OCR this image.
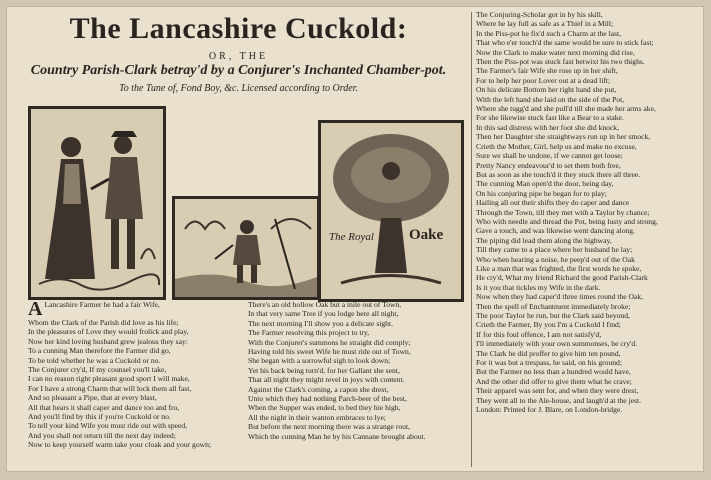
The Lancashire Cuckold:
OR, THE
Country Parish-Clark betray'd by a Conjurer's Inchanted Chamber-pot.
To the Tune of, Fond Boy, &c. Licensed according to Order.
The Royal Oake
A Lancashire Farmer he had a fair Wife,
Whom the Clark of the Parish did love as his life;
In the pleasures of Love they would frolick and play,
Now her kind loving husband grew jealous they say:
To a cunning Man therefore the Farmer did go,
To be told whether he was a Cuckold or no.
The Conjurer cry'd, If my counsel you'll take,
I can no reason right pleasant good sport I will make,
For I have a strong Charm that will lock them all fast,
And so pleasant a Pipe, that at every blast,
All that hears it shall caper and dance too and fro,
And you'll find by this if you're Cuckold or no.
To tell your kind Wife you must ride out with speed,
And you shall not return till the next day indeed;
Now to keep yourself warm take your cloak and your gown;
There's an old hollow Oak but a mile out of Town,
In that very same Tree if you lodge here all night,
The next morning I'll show you a delicate sight.
The Farmer resolving this project to try,
With the Conjurer's summons he straight did comply;
Having told his sweet Wife he must ride out of Town,
She began with a sorrowful sigh to look down;
Yet his back being turn'd, for her Gallant she sent,
That all night they might revel in joys with content.
Against the Clark's coming, a capon she drest,
Unto which they had nothing Parch-beer of the best,
When the Supper was ended, to bed they hie high,
All the night in their wanton embraces to lye;
But before the next morning there was a strange rout,
Which the cunning Man he by his Cannane brought about.
The Conjuring-Scholar got in by his skill,
Where he lay full as safe as a Thief in a Mill;
In the Piss-pot he fix'd such a Charm at the last,
That who e'er touch'd the same would be sure to stick fast;
Now the Clark to make water next morning did rise,
Then the Piss-pot was stuck fast betwixt his two thighs.
The Farmer's fair Wife she rose up in her shift,
For to help her poor Lover out at a dead lift;
On his delicate Bottom her right hand she put,
With the left hand she laid on the side of the Pot,
Where she tugg'd and she pull'd till she made her arms ake,
For she likewise stuck fast like a Bear to a stake.
In this sad distress with her foot she did knock,
Then her Daughter she straightways run up in her smock,
Crieth the Mother, Girl, help us and make no excuse,
Sure we shall be undone, if we cannot get loose;
Pretty Nancy endeavour'd to set them both free,
But as soon as she touch'd it they stuck there all three.
The cunning Man open'd the door, being day,
On his conjuring pipe he began for to play;
Hailing all out their shifts they do caper and dance
Through the Town, till they met with a Taylor by chance;
Who with needle and thread the Pot, being lusty and strong,
Gave a touch, and was likewise went dancing along.
The piping did lead them along the highway,
Till they came to a place where her husband he lay;
Who when hearing a noise, he peep'd out of the Oak
Like a man that was frighted, the first words he spoke,
He cry'd, What my friend Richard the good Parish-Clark
Is it you that tickles my Wife in the dark.
Now when they had caper'd three times round the Oak,
Then the spell of Enchantment immediately broke;
The poor Taylor he run, but the Clark said beyond,
Crieth the Farmer, By you I'm a Cuckold I find;
If for this foul offence, I am not satisfy'd,
I'll immediately with your own summonses, he cry'd.
The Clark he did proffer to give him ten pound,
For it was but a trespass, he said, on his ground;
But the Farmer no less than a hundred would have,
And the other did offer to give them what he crave;
Their apparel was sent for, and when they were drest,
They went all to the Ale-house, and laugh'd at the jest.
London: Printed for J. Blare, on London-bridge.
